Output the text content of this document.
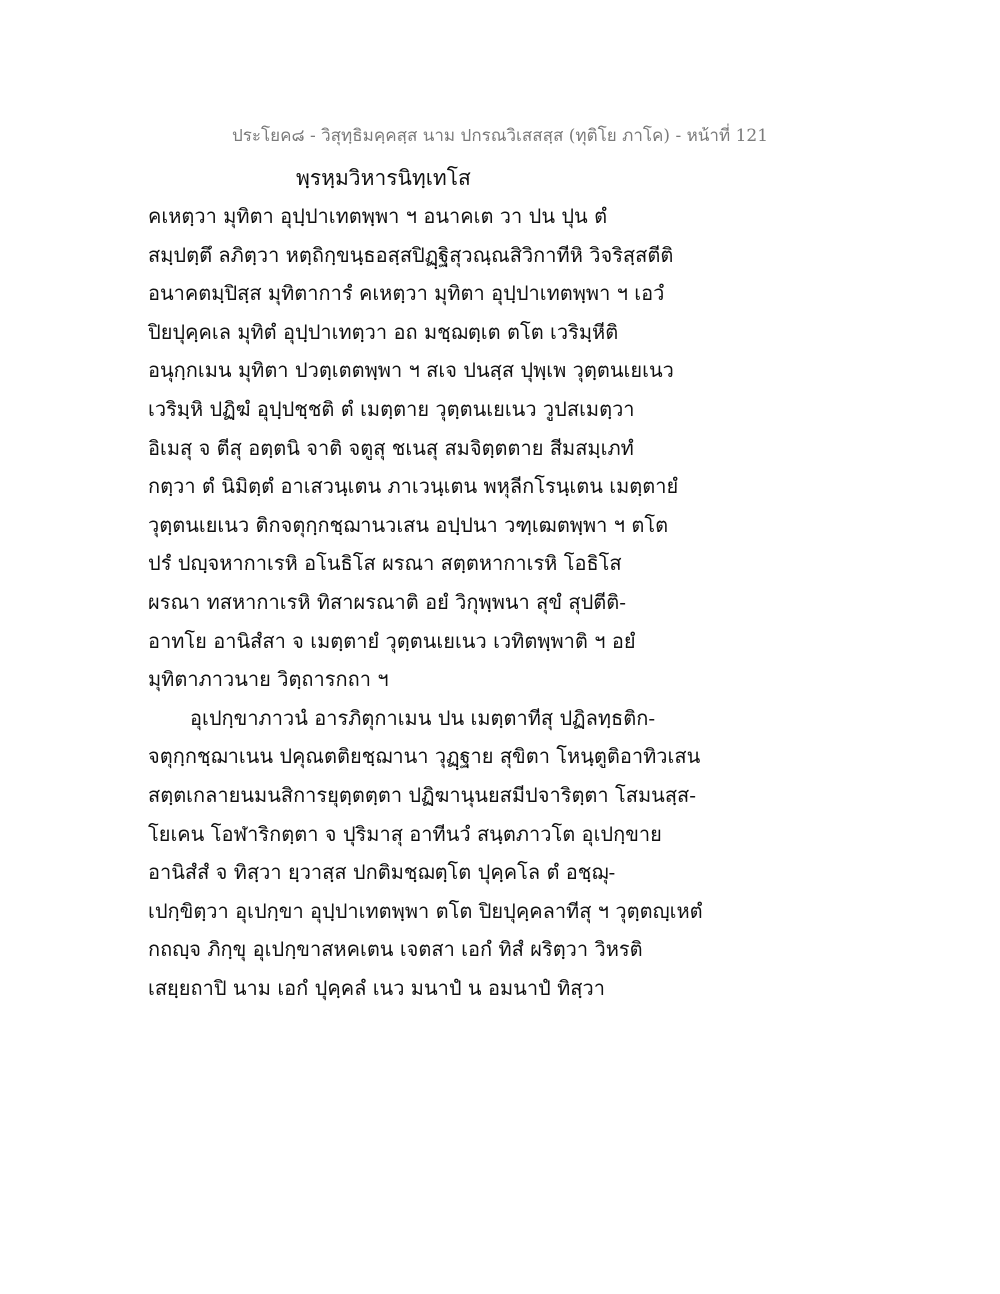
ประโยค๘ - วิสุทฺธิมคฺคสฺส นาม ปกรณวิเสสสฺส (ทุติโย ภาโค) - หน้าที่ 121
พฺรหฺมวิหารนิทฺเทโส
คเหตฺวา มุทิตา อุปฺปาเทตพฺพา ฯ อนาคเต วา ปน ปุน ตํ
สมฺปตฺตึ ลภิตฺวา หตฺถิกฺขนฺธอสฺสปิฏฺฐิสุวณฺณสิวิกาทีหิ วิจริสฺสตีติ
อนาคตมฺปิสฺส มุทิตาการํ คเหตฺวา มุทิตา อุปฺปาเทตพฺพา ฯ เอวํ
ปิยปุคฺคเล มุทิตํ อุปฺปาเทตฺวา อถ มชฺฌตฺเต ตโต เวริมฺหีติ
อนุกฺกเมน มุทิตา ปวตฺเตตพฺพา ฯ สเจ ปนสฺส ปุพฺเพ วุตฺตนเยเนว
เวริมฺหิ ปฏิฆํ อุปฺปชฺชติ ตํ เมตฺตาย วุตฺตนเยเนว วูปสเมตฺวา
อิเมสุ จ ตีสุ อตฺตนิ จาติ จตูสุ ชเนสุ สมจิตฺตตาย สีมสมฺเภทํ
กตฺวา ตํ นิมิตฺตํ อาเสวนฺเตน ภาเวนฺเตน พหุลีกโรนฺเตน เมตฺตายํ
วุตฺตนเยเนว ติกจตุกฺกชฺฌานวเสน อปฺปนา วฑฺเฒตพฺพา ฯ ตโต
ปรํ ปญฺจหากาเรหิ อโนธิโส ผรณา สตฺตหากาเรหิ โอธิโส
ผรณา ทสหากาเรหิ ทิสาผรณาติ อยํ วิกุพฺพนา สุขํ สุปตีติ-
อาทโย อานิสํสา จ เมตฺตายํ วุตฺตนเยเนว เวทิตพฺพาติ ฯ อยํ
มุทิตาภาวนาย วิตฺถารกถา ฯ
อุเปกฺขาภาวนํ อารภิตุกาเมน ปน เมตฺตาทีสุ ปฏิลทฺธติก-
จตุกฺกชฺฌาเนน ปคุณตติยชฺฌานา วุฏฺฐาย สุขิตา โหนฺตูติอาทิวเสน
สตฺตเกลายนมนสิการยุตฺตตฺตา ปฏิฆานุนยสมีปจาริตฺตา โสมนสฺส-
โยเคน โอฬาริกตฺตา จ ปุริมาสุ อาทีนวํ สนฺตภาวโต อุเปกฺขาย
อานิสํสํ จ ทิสฺวา ยฺวาสฺส ปกติมชฺฌตฺโต ปุคฺคโล ตํ อชฺฌุ-
เปกฺขิตฺวา อุเปกฺขา อุปฺปาเทตพฺพา ตโต ปิยปุคฺคลาทีสุ ฯ วุตฺตญฺเหตํ
กถญฺจ ภิกฺขุ อุเปกฺขาสหคเตน เจตสา เอกํ ทิสํ ผริตฺวา วิหรติ
เสยฺยถาปิ นาม เอกํ ปุคฺคลํ เนว มนาปํ น อมนาปํ ทิสฺวา
